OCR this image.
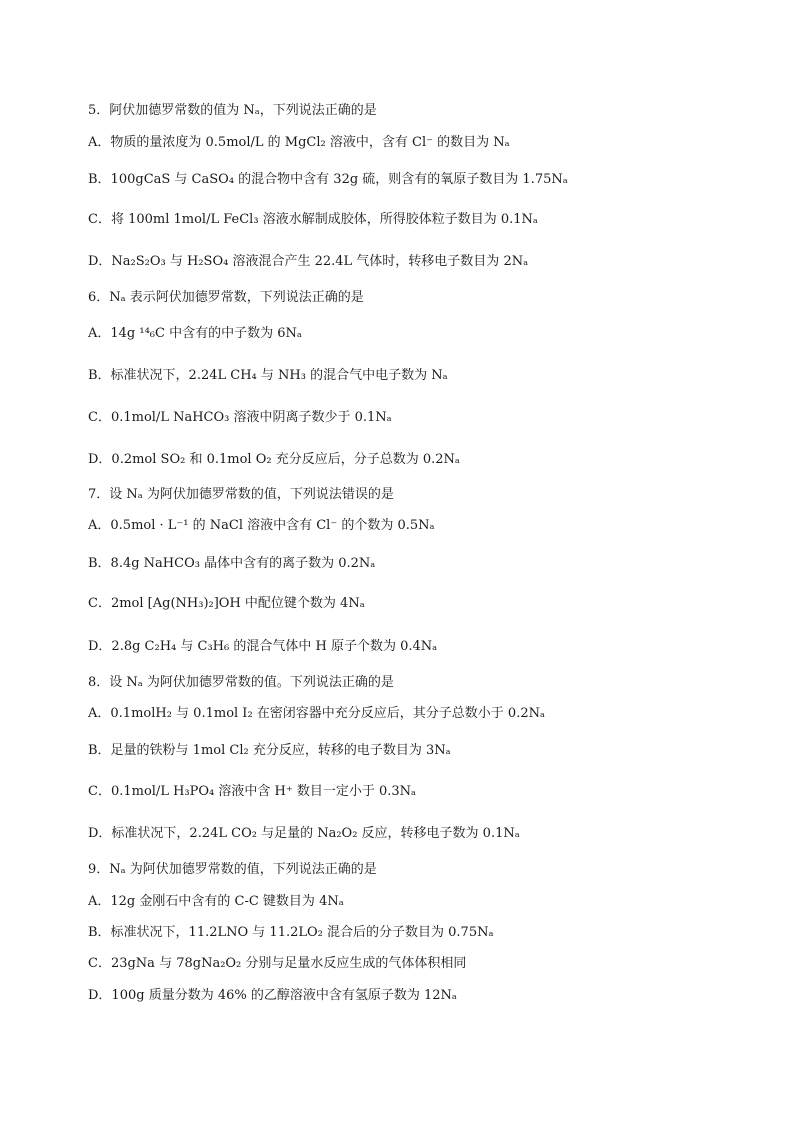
5．阿伏加德罗常数的值为 Nₐ，下列说法正确的是
A．物质的量浓度为 0.5mol/L 的 MgCl₂ 溶液中，含有 Cl⁻ 的数目为 Nₐ
B．100gCaS 与 CaSO₄ 的混合物中含有 32g 硫，则含有的氧原子数目为 1.75Nₐ
C．将 100ml 1mol/L FeCl₃ 溶液水解制成胶体，所得胶体粒子数目为 0.1Nₐ
D．Na₂S₂O₃ 与 H₂SO₄ 溶液混合产生 22.4L 气体时，转移电子数目为 2Nₐ
6．Nₐ 表示阿伏加德罗常数，下列说法正确的是
A．14g ¹⁴₆C 中含有的中子数为 6Nₐ
B．标准状况下，2.24L CH₄ 与 NH₃ 的混合气中电子数为 Nₐ
C．0.1mol/L NaHCO₃ 溶液中阴离子数少于 0.1Nₐ
D．0.2mol SO₂ 和 0.1mol O₂ 充分反应后，分子总数为 0.2Nₐ
7．设 Nₐ 为阿伏加德罗常数的值，下列说法错误的是
A．0.5mol · L⁻¹ 的 NaCl 溶液中含有 Cl⁻ 的个数为 0.5Nₐ
B．8.4g NaHCO₃ 晶体中含有的离子数为 0.2Nₐ
C．2mol [Ag(NH₃)₂]OH 中配位键个数为 4Nₐ
D．2.8g C₂H₄ 与 C₃H₆ 的混合气体中 H 原子个数为 0.4Nₐ
8．设 Nₐ 为阿伏加德罗常数的值。下列说法正确的是
A．0.1molH₂ 与 0.1mol I₂ 在密闭容器中充分反应后，其分子总数小于 0.2Nₐ
B．足量的铁粉与 1mol Cl₂ 充分反应，转移的电子数目为 3Nₐ
C．0.1mol/L H₃PO₄ 溶液中含 H⁺ 数目一定小于 0.3Nₐ
D．标准状况下，2.24L CO₂ 与足量的 Na₂O₂ 反应，转移电子数为 0.1Nₐ
9．Nₐ 为阿伏加德罗常数的值，下列说法正确的是
A．12g 金刚石中含有的 C-C 键数目为 4Nₐ
B．标准状况下，11.2LNO 与 11.2LO₂ 混合后的分子数目为 0.75Nₐ
C．23gNa 与 78gNa₂O₂ 分别与足量水反应生成的气体体积相同
D．100g 质量分数为 46% 的乙醇溶液中含有氢原子数为 12Nₐ
